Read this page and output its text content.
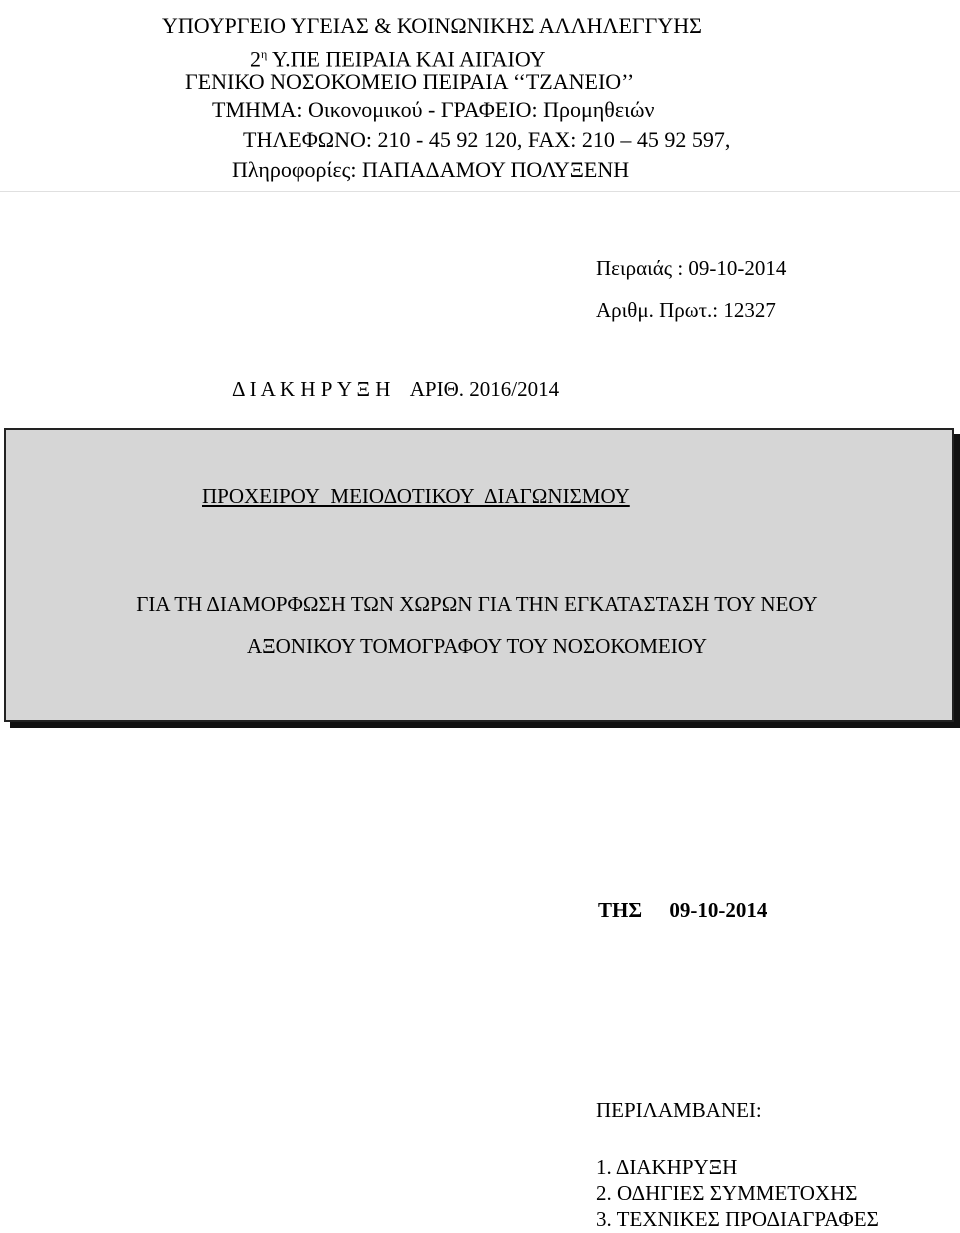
ΥΠΟΥΡΓΕΙΟ ΥΓΕΙΑΣ & ΚΟΙΝΩΝΙΚΗΣ ΑΛΛΗΛΕΓΓΥΗΣ
$2^\eta$ Υ.ΠΕ ΠΕΙΡΑΙΑ ΚΑΙ ΑΙΓΑΙΟΥ
ΓΕΝΙΚΟ ΝΟΣΟΚΟΜΕΙΟ ΠΕΙΡΑΙΑ ‘‘ΤΖΑΝΕΙΟ’’
ΤΜΗΜΑ: Οικονομικού - ΓΡΑΦΕΙΟ: Προμηθειών
ΤΗΛΕΦΩΝΟ: 210 - 45 92 120, FAX: 210 – 45 92 597,
Πληροφορίες: ΠΑΠΑΔΑΜΟΥ ΠΟΛΥΞΕΝΗ
Πειραιάς : 09-10-2014
Αριθμ. Πρωτ.: 12327
Δ Ι Α Κ Η Ρ Υ Ξ Η ΑΡΙΘ. 2016/2014
ΠΡΟΧΕΙΡΟΥ ΜΕΙΟΔΟΤΙΚΟΥ ΔΙΑΓΩΝΙΣΜΟΥ
ΓΙΑ ΤΗ ΔΙΑΜΟΡΦΩΣΗ ΤΩΝ ΧΩΡΩΝ ΓΙΑ ΤΗΝ ΕΓΚΑΤΑΣΤΑΣΗ ΤΟΥ ΝΕΟΥ
ΑΞΟΝΙΚΟΥ ΤΟΜΟΓΡΑΦΟΥ ΤΟΥ ΝΟΣΟΚΟΜΕΙΟΥ
ΤΗΣ 09-10-2014
ΠΕΡΙΛΑΜΒΑΝΕΙ:
1. ΔΙΑΚΗΡΥΞΗ
2. ΟΔΗΓΙΕΣ ΣΥΜΜΕΤΟΧΗΣ
3. ΤΕΧΝΙΚΕΣ ΠΡΟΔΙΑΓΡΑΦΕΣ
